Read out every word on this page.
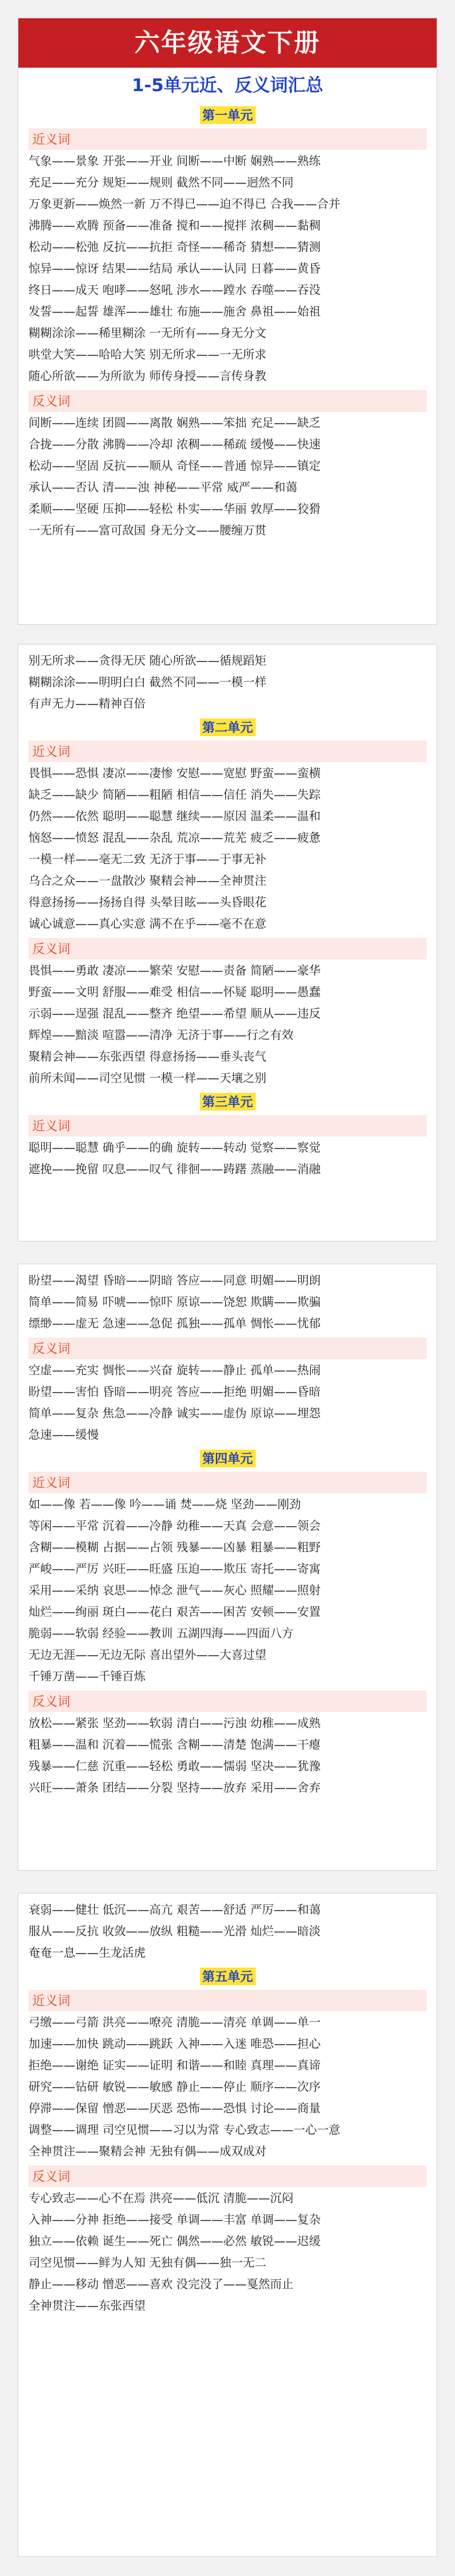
六年级语文下册
1-5单元近、反义词汇总
第一单元
近义词
气象——景象 开张——开业 间断——中断 娴熟——熟练
充足——充分 规矩——规则 截然不同——迥然不同
万象更新——焕然一新 万不得已——迫不得已 合我——合并
沸腾——欢腾 预备——准备 搅和——搅拌 浓稠——黏稠
松动——松弛 反抗——抗拒 奇怪——稀奇 猜想——猜测
惊异——惊讶 结果——结局 承认——认同 日暮——黄昏
终日——成天 咆哮——怒吼 涉水——蹚水 吞噬——吞没
发誓——起誓 雄浑——雄壮 布施——施舍 鼻祖——始祖
糊糊涂涂——稀里糊涂 一无所有——身无分文
哄堂大笑——哈哈大笑 别无所求——一无所求
随心所欲——为所欲为 师传身授——言传身教
反义词
间断——连续 团圆——离散 娴熟——笨拙 充足——缺乏
合拢——分散 沸腾——冷却 浓稠——稀疏 缓慢——快速
松动——坚固 反抗——顺从 奇怪——普通 惊异——镇定
承认——否认 清——浊 神秘——平常 威严——和蔼
柔顺——坚硬 压抑——轻松 朴实——华丽 敦厚——狡猾
一无所有——富可敌国 身无分文——腰缠万贯
别无所求——贪得无厌 随心所欲——循规蹈矩
糊糊涂涂——明明白白 截然不同——一模一样
有声无力——精神百倍
第二单元
近义词
畏惧——恐惧 凄凉——凄惨 安慰——宽慰 野蛮——蛮横
缺乏——缺少 简陋——粗陋 相信——信任 消失——失踪
仍然——依然 聪明——聪慧 继续——原因 温柔——温和
恼怒——愤怒 混乱——杂乱 荒凉——荒芜 疲乏——疲惫
一模一样——毫无二致 无济于事——于事无补
乌合之众——一盘散沙 聚精会神——全神贯注
得意扬扬——扬扬自得 头晕目眩——头昏眼花
诚心诚意——真心实意 满不在乎——毫不在意
反义词
畏惧——勇敢 凄凉——繁荣 安慰——责备 简陋——豪华
野蛮——文明 舒服——难受 相信——怀疑 聪明——愚蠢
示弱——逞强 混乱——整齐 绝望——希望 顺从——违反
辉煌——黯淡 喧嚣——清净 无济于事——行之有效
聚精会神——东张西望 得意扬扬——垂头丧气
前所未闻——司空见惯 一模一样——天壤之别
第三单元
近义词
聪明——聪慧 确乎——的确 旋转——转动 觉察——察觉
遮挽——挽留 叹息——叹气 徘徊——踌躇 蒸融——消融
盼望——渴望 昏暗——阴暗 答应——同意 明媚——明朗
简单——简易 吓唬——惊吓 原谅——饶恕 欺瞒——欺骗
缥缈——虚无 急速——急促 孤独——孤单 惆怅——忧郁
反义词
空虚——充实 惆怅——兴奋 旋转——静止 孤单——热闹
盼望——害怕 昏暗——明亮 答应——拒绝 明媚——昏暗
简单——复杂 焦急——冷静 诚实——虚伪 原谅——埋怨
急速——缓慢
第四单元
近义词
如——像 若——像 吟——诵 焚——烧 坚劲——刚劲
等闲——平常 沉着——冷静 幼稚——天真 会意——领会
含糊——模糊 占据——占领 残暴——凶暴 粗暴——粗野
严峻——严厉 兴旺——旺盛 压迫——欺压 寄托——寄寓
采用——采纳 哀思——悼念 泄气——灰心 照耀——照射
灿烂——绚丽 斑白——花白 艰苦——困苦 安顿——安置
脆弱——软弱 经验——教训 五湖四海——四面八方
无边无涯——无边无际 喜出望外——大喜过望
千锤万凿——千锤百炼
反义词
放松——紧张 坚劲——软弱 清白——污浊 幼稚——成熟
粗暴——温和 沉着——慌张 含糊——清楚 饱满——干瘪
残暴——仁慈 沉重——轻松 勇敢——懦弱 坚决——犹豫
兴旺——萧条 团结——分裂 坚持——放弃 采用——舍弃
衰弱——健壮 低沉——高亢 艰苦——舒适 严厉——和蔼
服从——反抗 收敛——放纵 粗糙——光滑 灿烂——暗淡
奄奄一息——生龙活虎
第五单元
近义词
弓缴——弓箭 洪亮——嘹亮 清脆——清亮 单调——单一
加速——加快 跳动——跳跃 入神——入迷 唯恐——担心
拒绝——谢绝 证实——证明 和谐——和睦 真理——真谛
研究——钻研 敏锐——敏感 静止——停止 顺序——次序
停滞——保留 憎恶——厌恶 恐怖——恐惧 讨论——商量
调整——调理 司空见惯——习以为常 专心致志——一心一意
全神贯注——聚精会神 无独有偶——成双成对
反义词
专心致志——心不在焉 洪亮——低沉 清脆——沉闷
入神——分神 拒绝——接受 单调——丰富 单调——复杂
独立——依赖 诞生——死亡 偶然——必然 敏锐——迟缓
司空见惯——鲜为人知 无独有偶——独一无二
静止——移动 憎恶——喜欢 没完没了——戛然而止
全神贯注——东张西望
